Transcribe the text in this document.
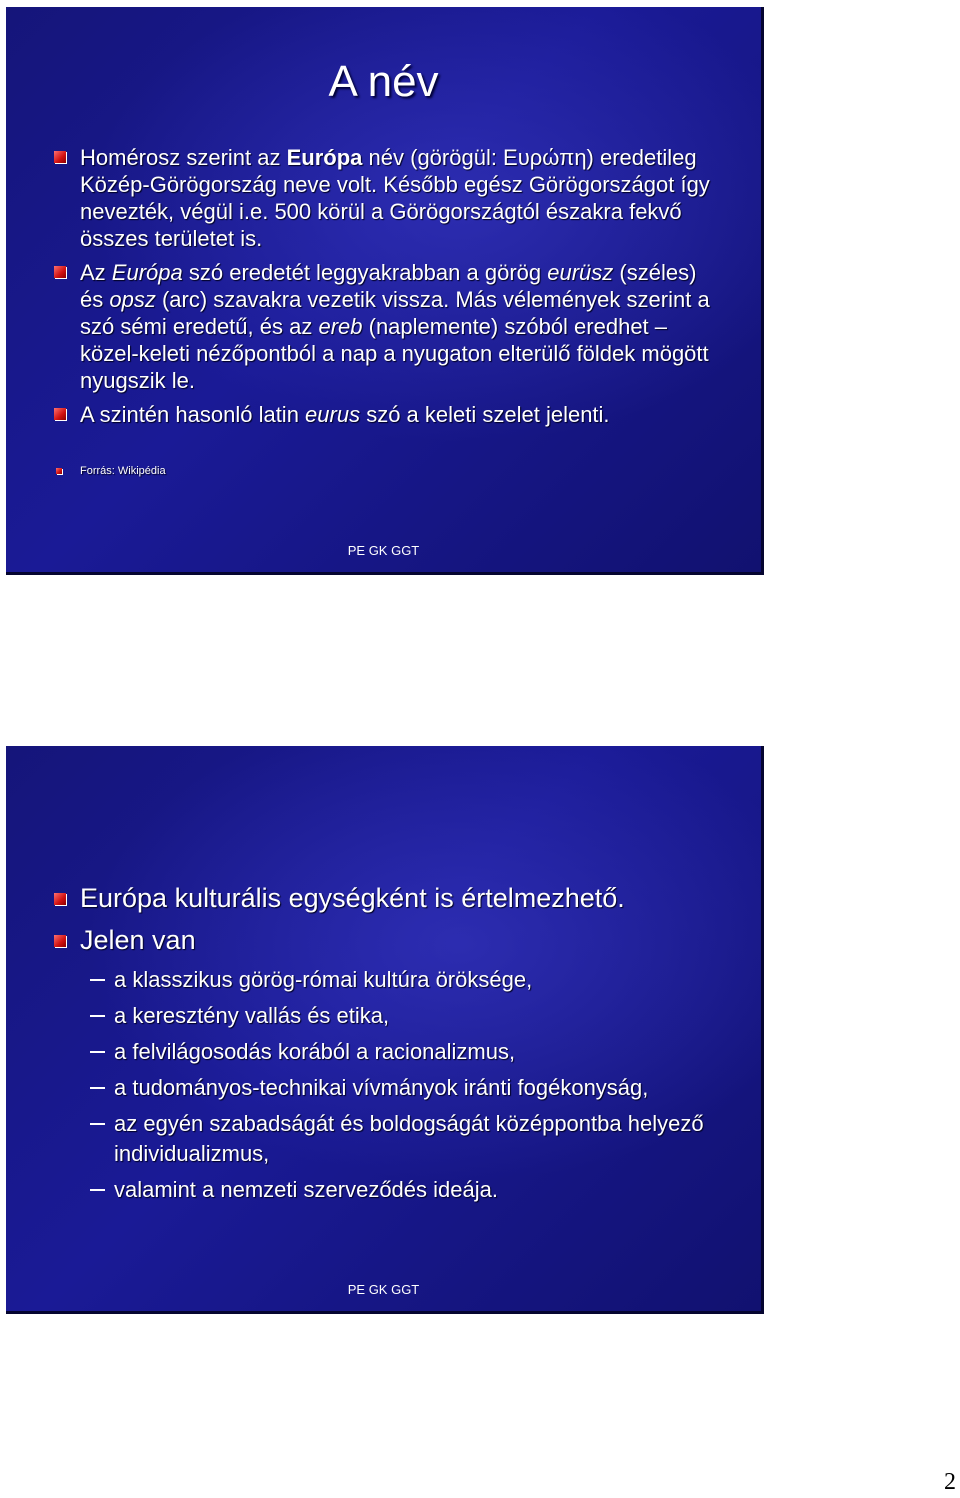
A név
Homérosz szerint az Európa név (görögül: Ευρώπη) eredetileg Közép-Görögország neve volt. Később egész Görögországot így nevezték, végül i.e. 500 körül a Görögországtól északra fekvő összes területet is.
Az Európa szó eredetét leggyakrabban a görög eurüsz (széles) és opsz (arc) szavakra vezetik vissza. Más vélemények szerint a szó sémi eredetű, és az ereb (naplemente) szóból eredhet – közel-keleti nézőpontból a nap a nyugaton elterülő földek mögött nyugszik le.
A szintén hasonló latin eurus szó a keleti szelet jelenti.
Forrás: Wikipédia
PE GK GGT
Európa kulturális egységként is értelmezhető.
Jelen van
a klasszikus görög-római kultúra öröksége,
a keresztény vallás és etika,
a felvilágosodás korából a racionalizmus,
a tudományos-technikai vívmányok iránti fogékonyság,
az egyén szabadságát és boldogságát középpontba helyező individualizmus,
valamint a nemzeti szerveződés ideája.
PE GK GGT
2
